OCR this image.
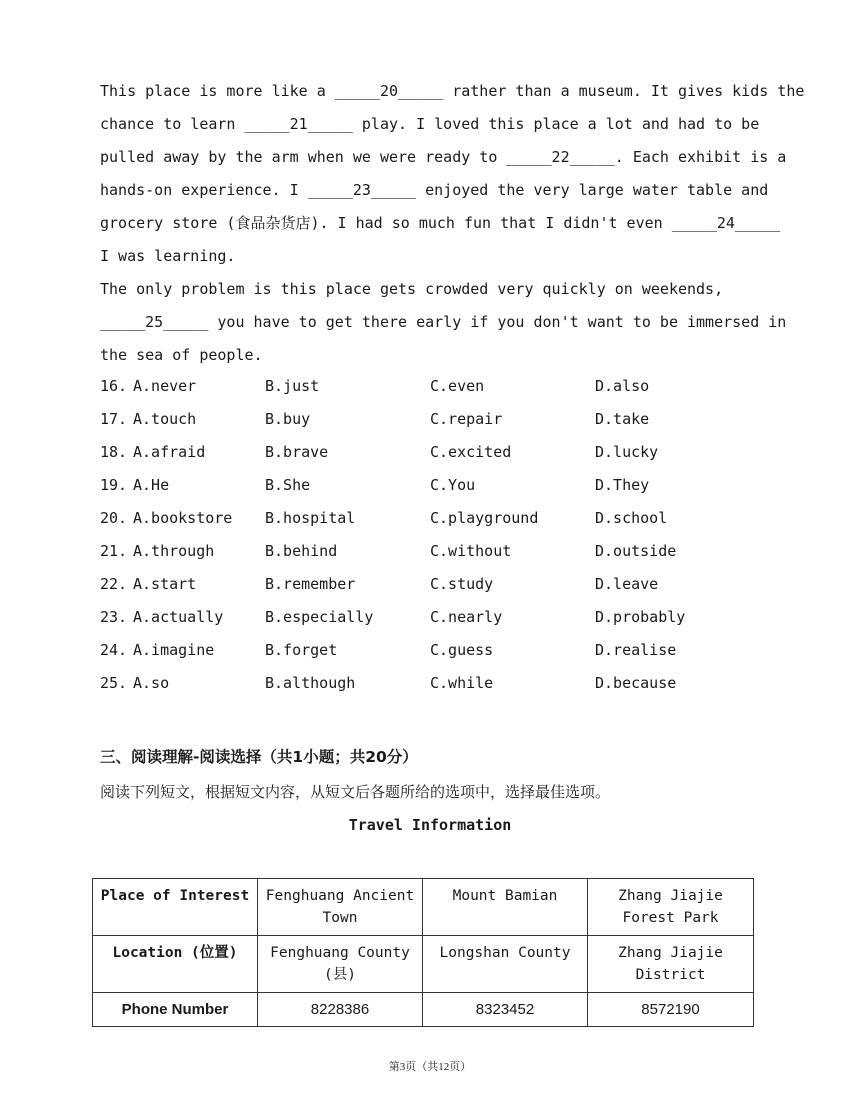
This place is more like a _____20_____ rather than a museum. It gives kids the
chance to learn _____21_____ play. I loved this place a lot and had to be
pulled away by the arm when we were ready to _____22_____. Each exhibit is a
hands-on experience. I _____23_____ enjoyed the very large water table and
grocery store (食品杂货店). I had so much fun that I didn't even _____24_____
I was learning.
The only problem is this place gets crowded very quickly on weekends,
_____25_____ you have to get there early if you don't want to be immersed in
the sea of people.
16. A.never	B.just	C.even	D.also
17. A.touch	B.buy	C.repair	D.take
18. A.afraid	B.brave	C.excited	D.lucky
19. A.He	B.She	C.You	D.They
20. A.bookstore B.hospital	C.playground	D.school
21. A.through	B.behind	C.without	D.outside
22. A.start	B.remember	C.study	D.leave
23. A.actually	B.especially	C.nearly	D.probably
24. A.imagine	B.forget	C.guess	D.realise
25. A.so	B.although	C.while	D.because
三、阅读理解-阅读选择（共1小题；共20分）
阅读下列短文，根据短文内容，从短文后各题所给的选项中，选择最佳选项。
Travel Information
Place of Interest	Fenghuang Ancient Town	Mount Bamian	Zhang Jiajie Forest Park
Location (位置)	Fenghuang County (县)	Longshan County	Zhang Jiajie District
Phone Number	8228386	8323452	8572190
第3页（共12页）
